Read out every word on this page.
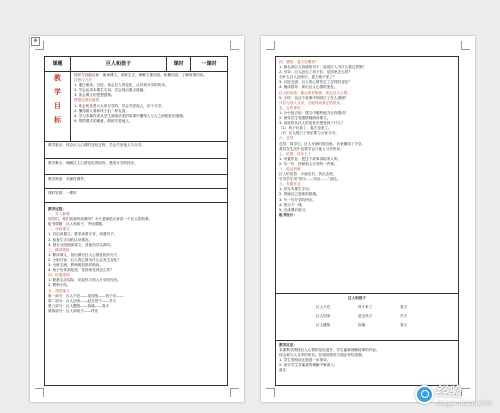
✥
课题	巨人和孩子	课时	一课时
教
学
目
标
知识与技能目标：朗读课文，读准生字，理解主要词语，积累词语，了解故事内容。
过程与方法：
1. 通过朗读、讨论，体会巨人的变化，认识到分享的快乐。
2. 学会运用本课生字词，学会找出重点段落。
3. 体会课文的思想感情。
情感态度价值观：
1. 体会快乐是与大家分享的，学会关爱他人，乐于分享。
2. 懂得做人要和孩子们一样友善。
3. 学习本课作者从学生喜闻乐见的故事中懂得人与人之间相处的道理。
4. 领悟课文的寓意，做到关爱他人。
教学重点：体会巨人心情的变化过程，学会关爱他人与分享。
教学难点：理解巨人心情变化的原因，感受分享的快乐。
教学准备：多媒体课件。
课时安排：一课时
教学过程：
一、导入新课
同学们，你们喜欢听故事吗？今天老师给大家讲一个巨人的故事。
板书课题：巨人和孩子，齐读课题。
二、初读课文
1. 自由读课文，要求读准字音，读通句子。
2. 检查生字词的认读情况。
3. 指名分段朗读课文，其他同学认真听。
三、精读感悟
1. 默读课文，找出描写巨人心情变化的句子。
2. 小组讨论：巨人的心情为什么会发生变化？
3. 全班交流，教师相机指导朗读。
4. 孩子们来到花园，花园里变得怎么样？
四、拓展延伸
1. 联系生活实际，说说你与别人分享的经历。
2. 教师小结。
五、课堂练习
第一部分：巨人不在——花园里——孩子们——
第二部分：巨人回来——赶走孩子——冬天
第三部分：巨人醒悟——拆墙——春天
第四部分：巨人和孩子——快乐
四、感悟：春天在哪里？
1. 指名读巨人拆墙的句子，说说巨人为什么要这样做？
2. 引导：巨人赶走了孩子们，花园里怎么样？
为什么巨人回来后，春天就不见了？
3. 讨论交流：巨人的心情发生了怎样的变化？
4. 朗读指导：读出巨人心情的变化。
巨人的话语：重点指导朗读，体会巨人心情。
5. 小结：从这个故事中你明白了什么道理？
只有与别人分享，才能得到真正的快乐。
五、合作探究
1. 分小组讨论：课文中哪些地方让你感动？
2. 指导学生有感情地朗读课文。
3. 说说你从巨人的变化中感受到了什么？
（1）孩子们来了，春天也来了。
（2）巨人明白了快乐要与大家分享。
六、总结
总结：同学们，巨人开始时很自私，后来懂得了分享。
我们在生活中也要学会与他人分享快乐。
七、拓展：快乐王子
1. 布置作业：把这个故事讲给家人听。
2. 写一写：你和别人分享的一件事。
八、说话训练
巨人的话语：小朋友们，快出去吧。
引导学生用“因为……所以……”说话。
九、布置作业
1. 抄写本课生字词。
2. 背诵自己喜欢的段落。
3. 写一写分享的快乐。
4. 预习下一课。
5. 完成课后练习。
板书设计：
巨人和孩子
巨人不在	孩子来了	春天
巨人回来	赶走孩子	冬天
巨人醒悟	拆墙	春天
教学反思：
本课教学围绕巨人心情的变化展开，学生能够理解故事的内容，
体会到与人分享的快乐。在朗读指导方面还有待加强。
1. 学生的朗读还需进一步指导。
2. 部分学生对寓意的理解不够深入。
备注：
经验
jingyan.baidu.com
